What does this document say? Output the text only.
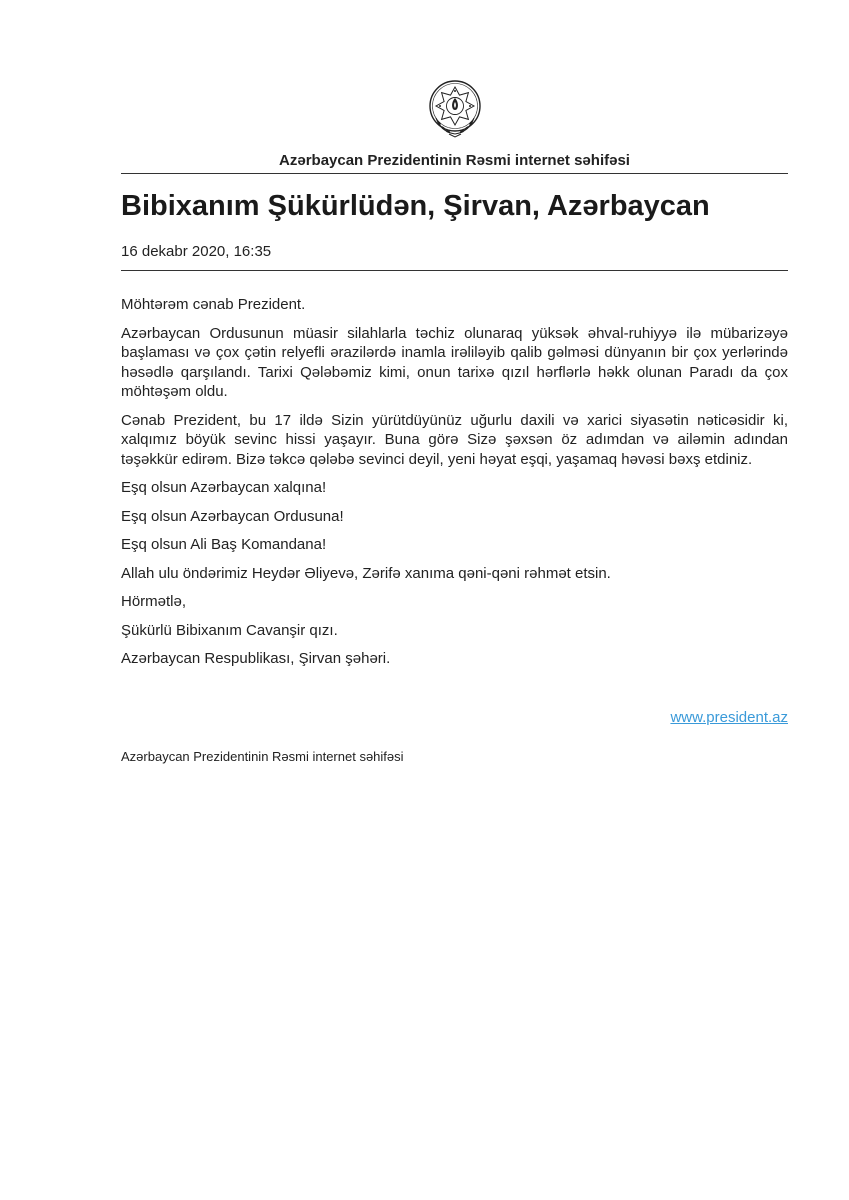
Azərbaycan Prezidentinin Rəsmi internet səhifəsi
Bibixanım Şükürlüdən, Şirvan, Azərbaycan
16 dekabr 2020, 16:35

Möhtərəm cənab Prezident.

Azərbaycan Ordusunun müasir silahlarla təchiz olunaraq yüksək əhval-ruhiyyə ilə mübarizəyə başlaması və çox çətin relyefli ərazilərdə inamla irəliləyib qalib gəlməsi dünyanın bir çox yerlərində həsədlə qarşılandı. Tarixi Qələbəmiz kimi, onun tarixə qızıl hərflərlə həkk olunan Paradı da çox möhtəşəm oldu.

Cənab Prezident, bu 17 ildə Sizin yürütdüyünüz uğurlu daxili və xarici siyasətin nəticəsidir ki, xalqımız böyük sevinc hissi yaşayır. Buna görə Sizə şəxsən öz adımdan və ailəmin adından təşəkkür edirəm. Bizə təkcə qələbə sevinci deyil, yeni həyat eşqi, yaşamaq həvəsi bəxş etdiniz.

Eşq olsun Azərbaycan xalqına!

Eşq olsun Azərbaycan Ordusuna!

Eşq olsun Ali Baş Komandana!

Allah ulu öndərimiz Heydər Əliyevə, Zərifə xanıma qəni-qəni rəhmət etsin.

Hörmətlə,

Şükürlü Bibixanım Cavanşir qızı.

Azərbaycan Respublikası, Şirvan şəhəri.

www.president.az
Azərbaycan Prezidentinin Rəsmi internet səhifəsi
